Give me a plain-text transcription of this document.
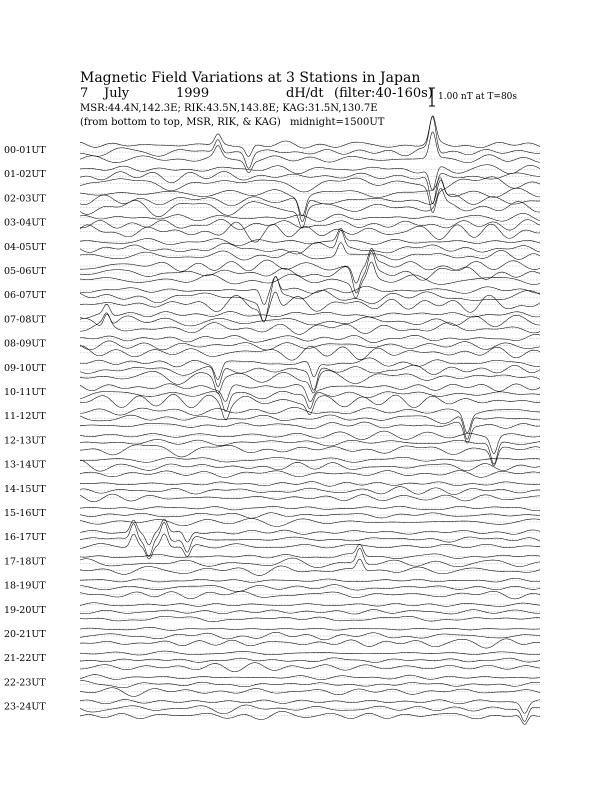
Magnetic Field Variations at 3 Stations in Japan
7 July	1999	dH/dt (filter:40-160s)
MSR:44.4N,142.3E; RIK:43.5N,143.8E; KAG:31.5N,130.7E
(from bottom to top, MSR, RIK, & KAG) midnight=1500UT
1.00 nT at T=80s
00-01UT
01-02UT
02-03UT
03-04UT
04-05UT
05-06UT
06-07UT
07-08UT
08-09UT
09-10UT
10-11UT
11-12UT
12-13UT
13-14UT
14-15UT
15-16UT
16-17UT
17-18UT
18-19UT
19-20UT
20-21UT
21-22UT
22-23UT
23-24UT
